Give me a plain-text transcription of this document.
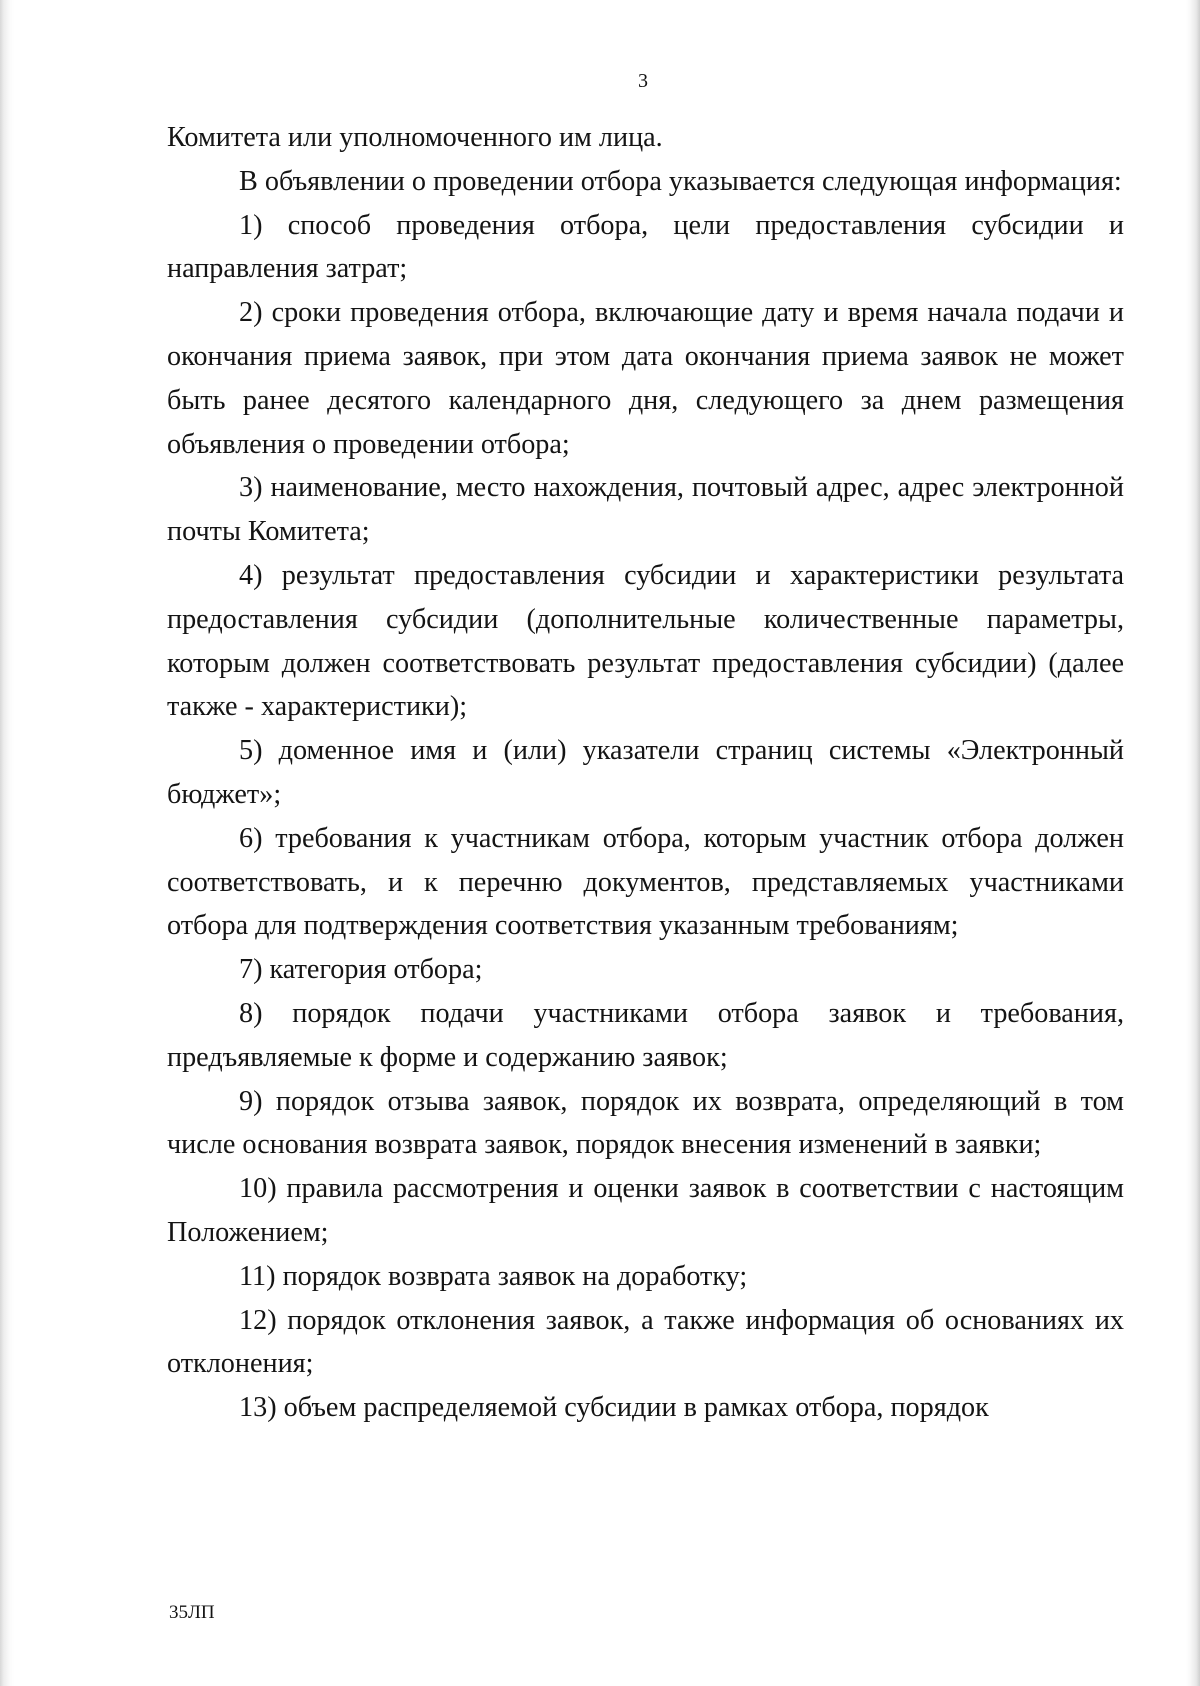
3

Комитета или уполномоченного им лица.

В объявлении о проведении отбора указывается следующая информация:

1) способ проведения отбора, цели предоставления субсидии и направления затрат;

2) сроки проведения отбора, включающие дату и время начала подачи и окончания приема заявок, при этом дата окончания приема заявок не может быть ранее десятого календарного дня, следующего за днем размещения объявления о проведении отбора;

3) наименование, место нахождения, почтовый адрес, адрес электронной почты Комитета;

4) результат предоставления субсидии и характеристики результата предоставления субсидии (дополнительные количественные параметры, которым должен соответствовать результат предоставления субсидии) (далее также - характеристики);

5) доменное имя и (или) указатели страниц системы «Электронный бюджет»;

6) требования к участникам отбора, которым участник отбора должен соответствовать, и к перечню документов, представляемых участниками отбора для подтверждения соответствия указанным требованиям;

7) категория отбора;

8) порядок подачи участниками отбора заявок и требования, предъявляемые к форме и содержанию заявок;

9) порядок отзыва заявок, порядок их возврата, определяющий в том числе основания возврата заявок, порядок внесения изменений в заявки;

10) правила рассмотрения и оценки заявок в соответствии с настоящим Положением;

11) порядок возврата заявок на доработку;

12) порядок отклонения заявок, а также информация об основаниях их отклонения;

13) объем распределяемой субсидии в рамках отбора, порядок

35ЛП
